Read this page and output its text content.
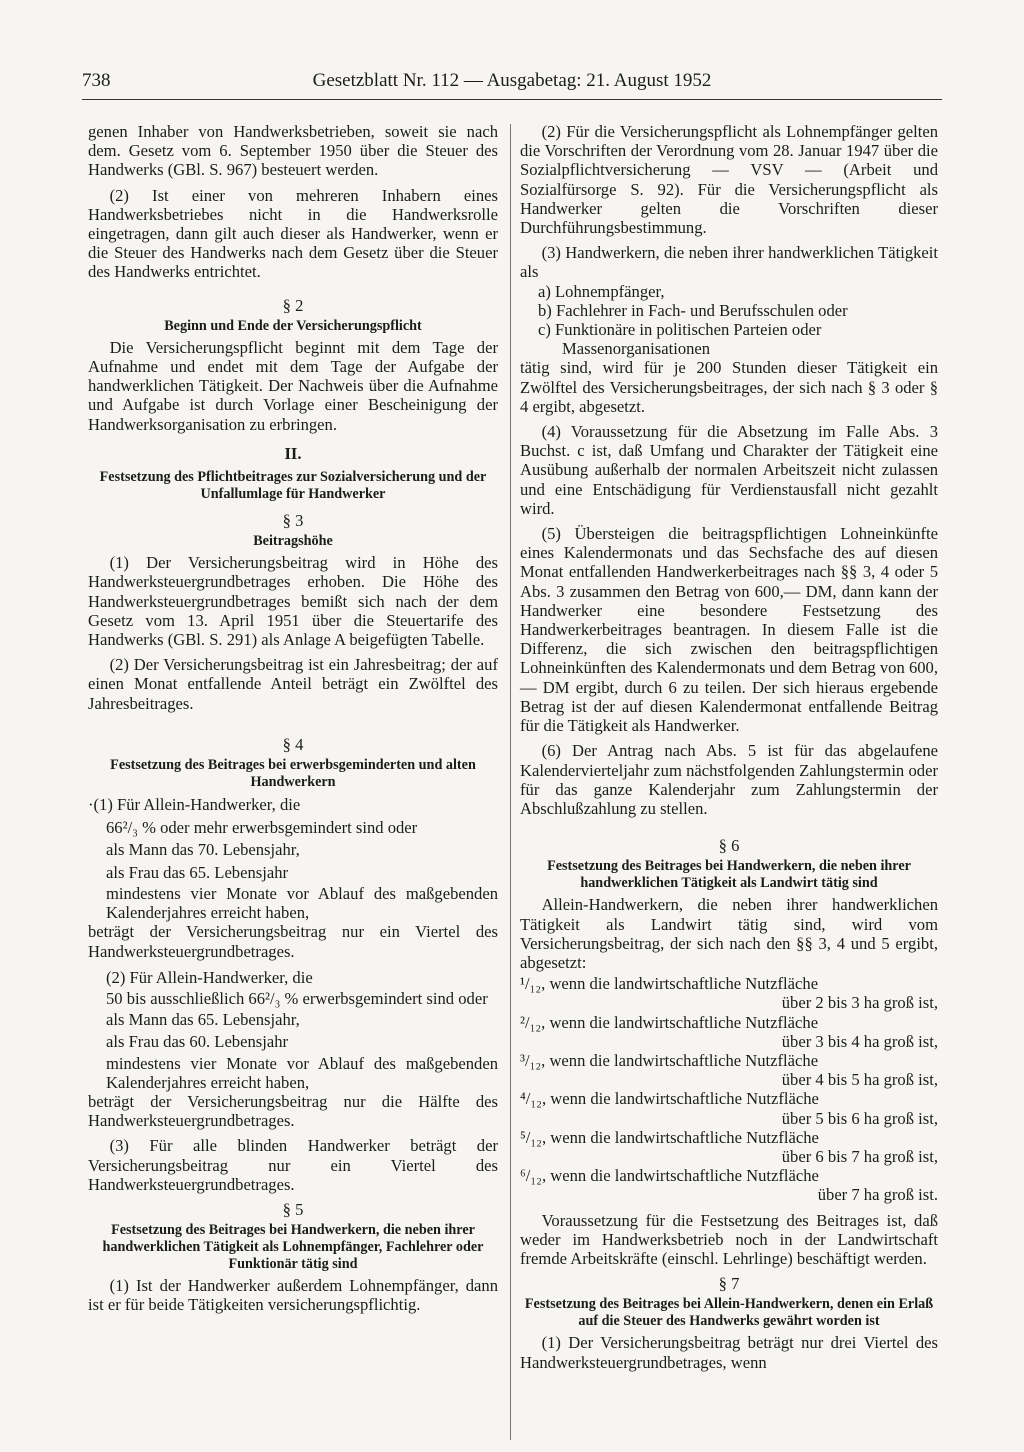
738	Gesetzblatt Nr. 112 — Ausgabetag: 21. August 1952

genen Inhaber von Handwerksbetrieben, soweit sie nach dem. Gesetz vom 6. September 1950 über die Steuer des Handwerks (GBl. S. 967) besteuert werden.

(2) Ist einer von mehreren Inhabern eines Handwerksbetriebes nicht in die Handwerksrolle eingetragen, dann gilt auch dieser als Handwerker, wenn er die Steuer des Handwerks nach dem Gesetz über die Steuer des Handwerks entrichtet.

§ 2
Beginn und Ende der Versicherungspflicht

Die Versicherungspflicht beginnt mit dem Tage der Aufnahme und endet mit dem Tage der Aufgabe der handwerklichen Tätigkeit. Der Nachweis über die Aufnahme und Aufgabe ist durch Vorlage einer Bescheinigung der Handwerksorganisation zu erbringen.

II.
Festsetzung des Pflichtbeitrages zur Sozialversicherung und der Unfallumlage für Handwerker
§ 3
Beitragshöhe

(1) Der Versicherungsbeitrag wird in Höhe des Handwerksteuergrundbetrages erhoben. Die Höhe des Handwerksteuergrundbetrages bemißt sich nach der dem Gesetz vom 13. April 1951 über die Steuertarife des Handwerks (GBl. S. 291) als Anlage A beigefügten Tabelle.

(2) Der Versicherungsbeitrag ist ein Jahresbeitrag; der auf einen Monat entfallende Anteil beträgt ein Zwölftel des Jahresbeitrages.

§ 4
Festsetzung des Beitrages bei erwerbsgeminderten und alten Handwerkern

·(1) Für Allein-Handwerker, die

66²/₃ % oder mehr erwerbsgemindert sind oder

als Mann das 70. Lebensjahr,

als Frau das 65. Lebensjahr

mindestens vier Monate vor Ablauf des maßgebenden Kalenderjahres erreicht haben,

beträgt der Versicherungsbeitrag nur ein Viertel des Handwerksteuergrundbetrages.

(2) Für Allein-Handwerker, die

50 bis ausschließlich 66²/₃ % erwerbsgemindert sind oder

als Mann das 65. Lebensjahr,

als Frau das 60. Lebensjahr

mindestens vier Monate vor Ablauf des maßgebenden Kalenderjahres erreicht haben,

beträgt der Versicherungsbeitrag nur die Hälfte des Handwerksteuergrundbetrages.

(3) Für alle blinden Handwerker beträgt der Versicherungsbeitrag nur ein Viertel des Handwerksteuergrundbetrages.

§ 5
Festsetzung des Beitrages bei Handwerkern, die neben ihrer handwerklichen Tätigkeit als Lohnempfänger, Fachlehrer oder Funktionär tätig sind

(1) Ist der Handwerker außerdem Lohnempfänger, dann ist er für beide Tätigkeiten versicherungspflichtig.

(2) Für die Versicherungspflicht als Lohnempfänger gelten die Vorschriften der Verordnung vom 28. Januar 1947 über die Sozialpflichtversicherung — VSV — (Arbeit und Sozialfürsorge S. 92). Für die Versicherungspflicht als Handwerker gelten die Vorschriften dieser Durchführungsbestimmung.

(3) Handwerkern, die neben ihrer handwerklichen Tätigkeit als

a) Lohnempfänger,

b) Fachlehrer in Fach- und Berufsschulen oder

c) Funktionäre in politischen Parteien oder

Massenorganisationen

tätig sind, wird für je 200 Stunden dieser Tätigkeit ein Zwölftel des Versicherungsbeitrages, der sich nach § 3 oder § 4 ergibt, abgesetzt.

(4) Voraussetzung für die Absetzung im Falle Abs. 3 Buchst. c ist, daß Umfang und Charakter der Tätigkeit eine Ausübung außerhalb der normalen Arbeitszeit nicht zulassen und eine Entschädigung für Verdienstausfall nicht gezahlt wird.

(5) Übersteigen die beitragspflichtigen Lohneinkünfte eines Kalendermonats und das Sechsfache des auf diesen Monat entfallenden Handwerkerbeitrages nach §§ 3, 4 oder 5 Abs. 3 zusammen den Betrag von 600,— DM, dann kann der Handwerker eine besondere Festsetzung des Handwerkerbeitrages beantragen. In diesem Falle ist die Differenz, die sich zwischen den beitragspflichtigen Lohneinkünften des Kalendermonats und dem Betrag von 600,— DM ergibt, durch 6 zu teilen. Der sich hieraus ergebende Betrag ist der auf diesen Kalendermonat entfallende Beitrag für die Tätigkeit als Handwerker.

(6) Der Antrag nach Abs. 5 ist für das abgelaufene Kalendervierteljahr zum nächstfolgenden Zahlungstermin oder für das ganze Kalenderjahr zum Zahlungstermin der Abschlußzahlung zu stellen.

§ 6
Festsetzung des Beitrages bei Handwerkern, die neben ihrer handwerklichen Tätigkeit als Landwirt tätig sind

Allein-Handwerkern, die neben ihrer handwerklichen Tätigkeit als Landwirt tätig sind, wird vom Versicherungsbeitrag, der sich nach den §§ 3, 4 und 5 ergibt, abgesetzt:

¹/₁₂, wenn die landwirtschaftliche Nutzfläche

über 2 bis 3 ha groß ist,

²/₁₂, wenn die landwirtschaftliche Nutzfläche

über 3 bis 4 ha groß ist,

³/₁₂, wenn die landwirtschaftliche Nutzfläche

über 4 bis 5 ha groß ist,

⁴/₁₂, wenn die landwirtschaftliche Nutzfläche

über 5 bis 6 ha groß ist,

⁵/₁₂, wenn die landwirtschaftliche Nutzfläche

über 6 bis 7 ha groß ist,

⁶/₁₂, wenn die landwirtschaftliche Nutzfläche

über 7 ha groß ist.

Voraussetzung für die Festsetzung des Beitrages ist, daß weder im Handwerksbetrieb noch in der Landwirtschaft fremde Arbeitskräfte (einschl. Lehrlinge) beschäftigt werden.

§ 7
Festsetzung des Beitrages bei Allein-Handwerkern, denen ein Erlaß auf die Steuer des Handwerks gewährt worden ist

(1) Der Versicherungsbeitrag beträgt nur drei Viertel des Handwerksteuergrundbetrages, wenn
